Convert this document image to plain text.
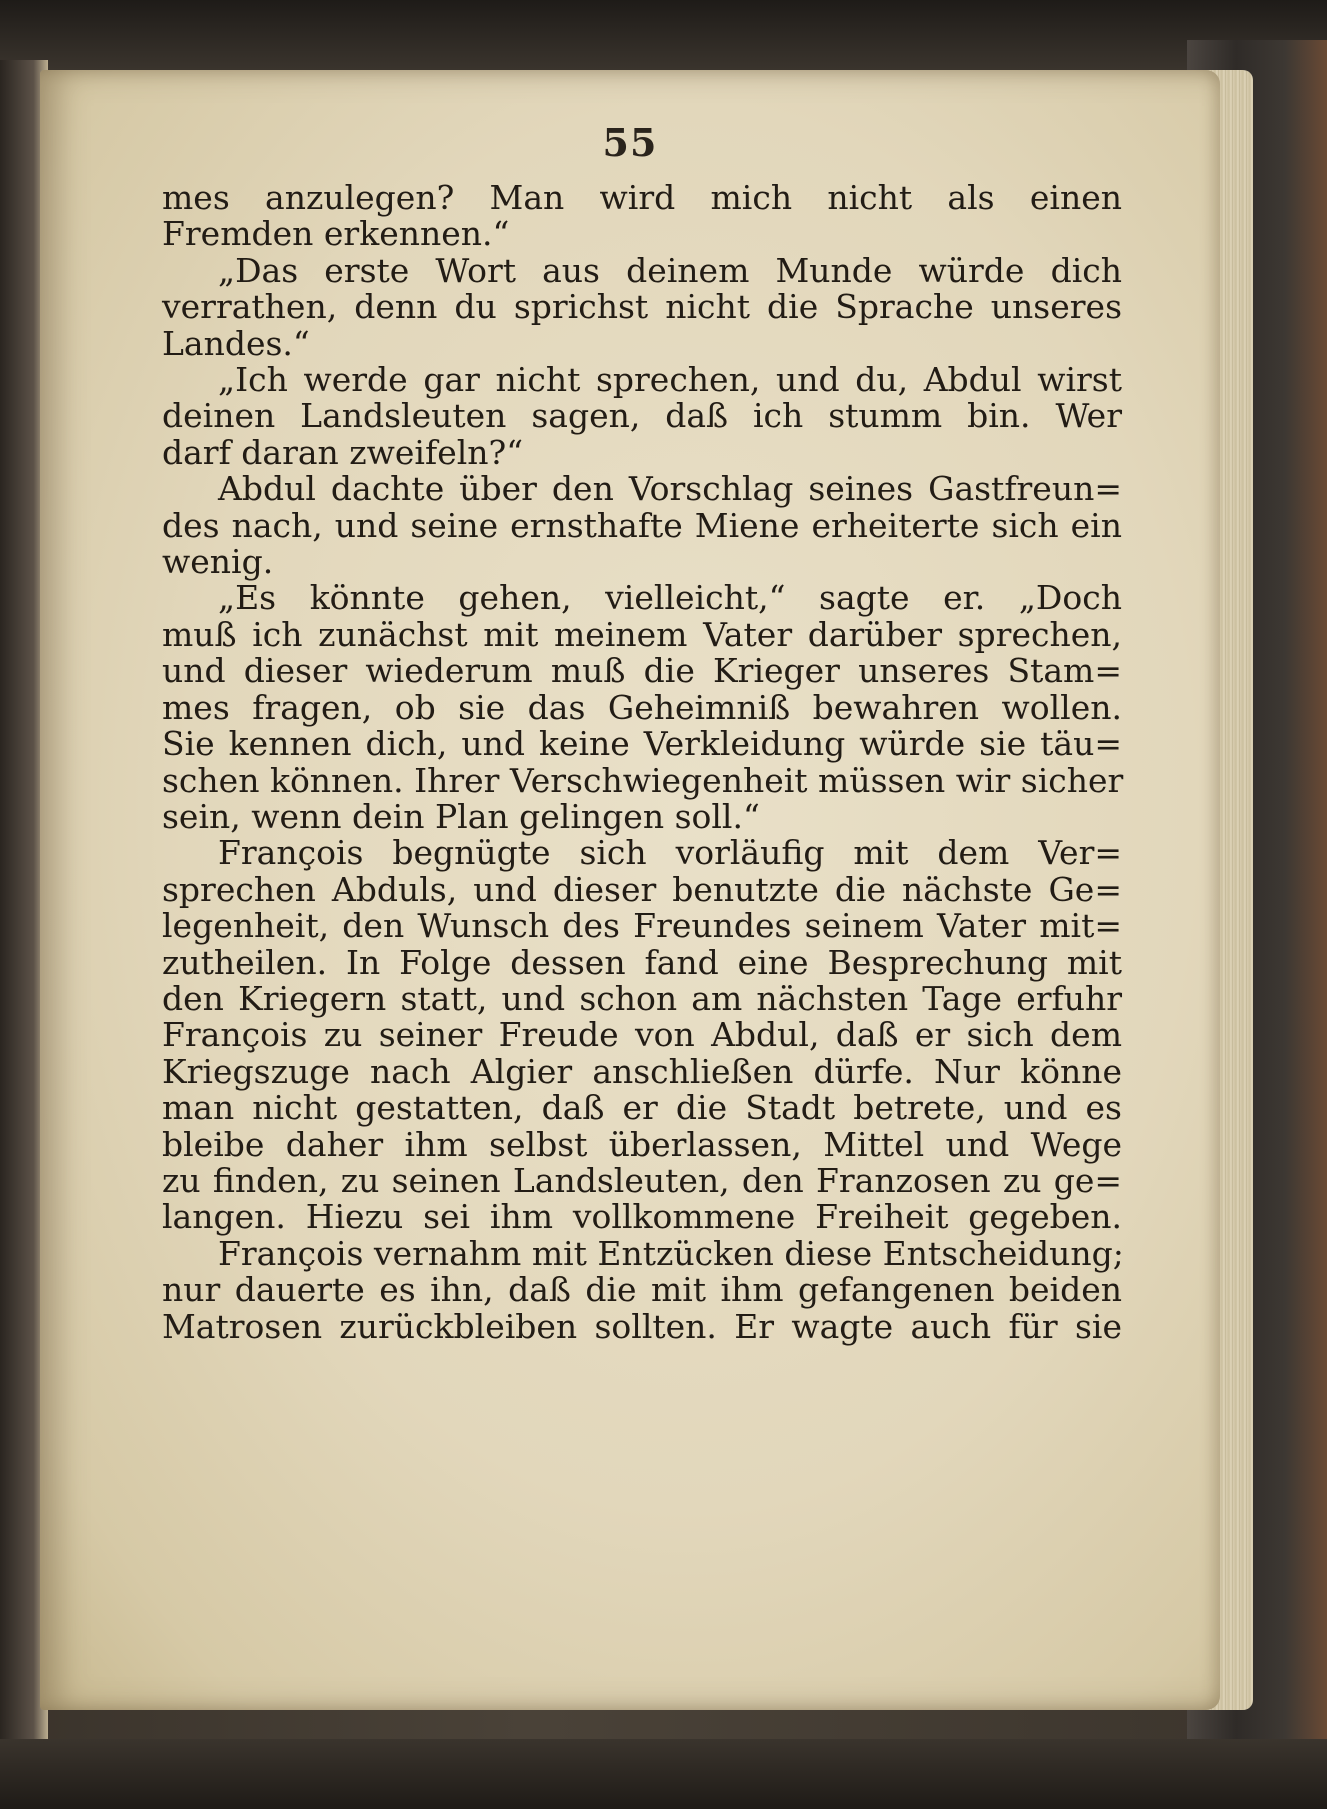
55
mes anzulegen? Man wird mich nicht als einen
Fremden erkennen.“
„Das erste Wort aus deinem Munde würde dich
verrathen, denn du sprichst nicht die Sprache unseres
Landes.“
„Ich werde gar nicht sprechen, und du, Abdul wirst
deinen Landsleuten sagen, daß ich stumm bin. Wer
darf daran zweifeln?“
Abdul dachte über den Vorschlag seines Gastfreun=
des nach, und seine ernsthafte Miene erheiterte sich ein
wenig.
„Es könnte gehen, vielleicht,“ sagte er. „Doch
muß ich zunächst mit meinem Vater darüber sprechen,
und dieser wiederum muß die Krieger unseres Stam=
mes fragen, ob sie das Geheimniß bewahren wollen.
Sie kennen dich, und keine Verkleidung würde sie täu=
schen können. Ihrer Verschwiegenheit müssen wir sicher
sein, wenn dein Plan gelingen soll.“
François begnügte sich vorläufig mit dem Ver=
sprechen Abduls, und dieser benutzte die nächste Ge=
legenheit, den Wunsch des Freundes seinem Vater mit=
zutheilen. In Folge dessen fand eine Besprechung mit
den Kriegern statt, und schon am nächsten Tage erfuhr
François zu seiner Freude von Abdul, daß er sich dem
Kriegszuge nach Algier anschließen dürfe. Nur könne
man nicht gestatten, daß er die Stadt betrete, und es
bleibe daher ihm selbst überlassen, Mittel und Wege
zu finden, zu seinen Landsleuten, den Franzosen zu ge=
langen. Hiezu sei ihm vollkommene Freiheit gegeben.
François vernahm mit Entzücken diese Entscheidung;
nur dauerte es ihn, daß die mit ihm gefangenen beiden
Matrosen zurückbleiben sollten. Er wagte auch für sie
